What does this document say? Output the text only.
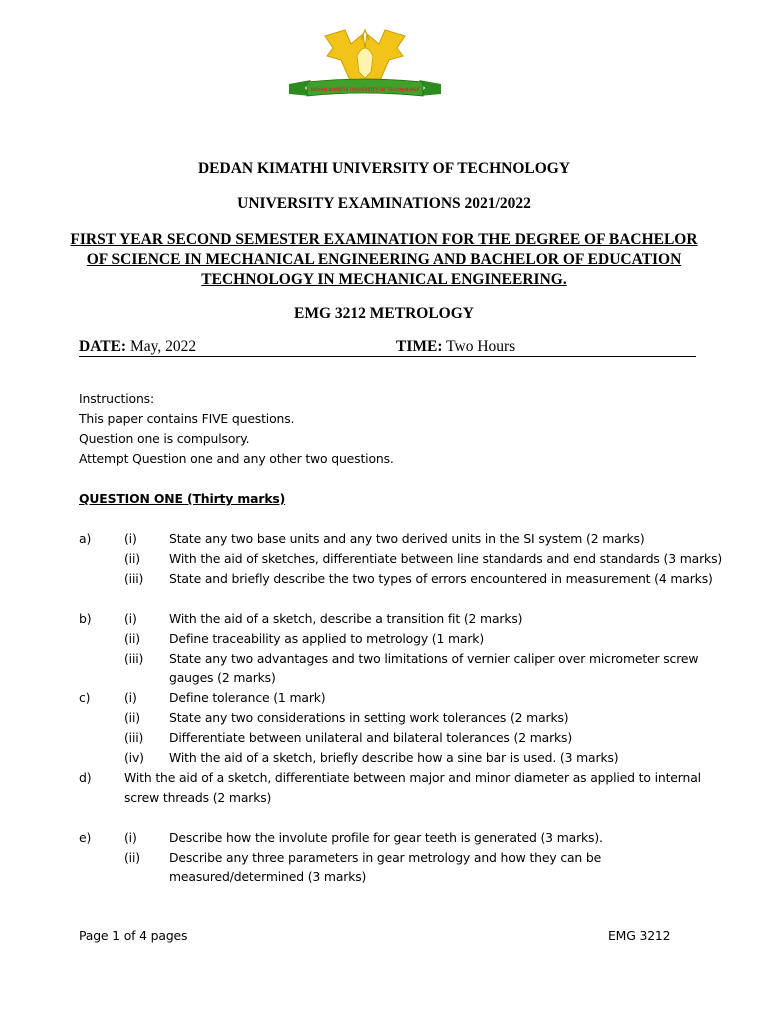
DEDAN KIMATHI UNIVERSITY OF TECHNOLOGY
DEDAN KIMATHI UNIVERSITY OF TECHNOLOGY
UNIVERSITY EXAMINATIONS 2021/2022
FIRST YEAR SECOND SEMESTER EXAMINATION FOR THE DEGREE OF BACHELOR
OF SCIENCE IN MECHANICAL ENGINEERING AND BACHELOR OF EDUCATION
TECHNOLOGY IN MECHANICAL ENGINEERING.
EMG 3212 METROLOGY
DATE: May, 2022	TIME: Two Hours
Instructions:
This paper contains FIVE questions.
Question one is compulsory.
Attempt Question one and any other two questions.
QUESTION ONE (Thirty marks)
a)	(i)	State any two base units and any two derived units in the SI system (2 marks)
(ii) With the aid of sketches, differentiate between line standards and end standards (3 marks)
(iii) State and briefly describe the two types of errors encountered in measurement (4 marks)
b)	(i)	With the aid of a sketch, describe a transition fit (2 marks)
(ii) Define traceability as applied to metrology (1 mark)
(iii) State any two advantages and two limitations of vernier caliper over micrometer screw
gauges (2 marks)
c)	(i)	Define tolerance (1 mark)
(ii) State any two considerations in setting work tolerances (2 marks)
(iii) Differentiate between unilateral and bilateral tolerances (2 marks)
(iv) With the aid of a sketch, briefly describe how a sine bar is used. (3 marks)
d)	With the aid of a sketch, differentiate between major and minor diameter as applied to internal
screw threads (2 marks)
e)	(i)	Describe how the involute profile for gear teeth is generated (3 marks).
(ii) Describe any three parameters in gear metrology and how they can be
measured/determined (3 marks)
Page 1 of 4 pages	EMG 3212
